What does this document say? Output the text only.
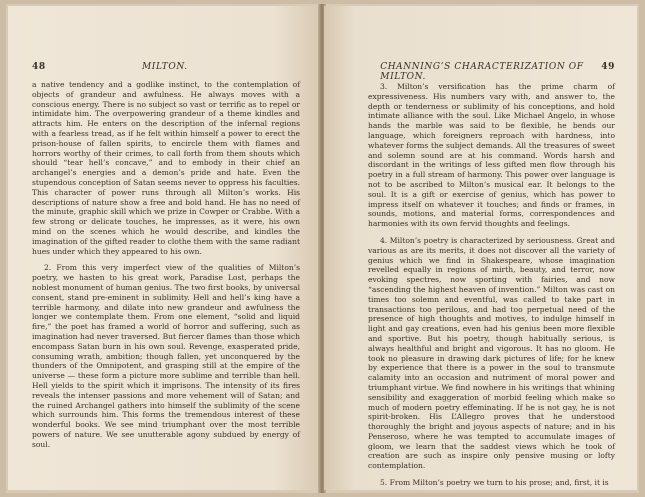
48	MILTON.

a native tendency and a godlike instinct, to the contemplation of objects of grandeur and awfulness. He always moves with a conscious energy. There is no subject so vast or terrific as to repel or intimidate him. The overpowering grandeur of a theme kindles and attracts him. He enters on the description of the infernal regions with a fearless tread, as if he felt within himself a power to erect the prison-house of fallen spirits, to encircle them with flames and horrors worthy of their crimes, to call forth from them shouts which should “tear hell’s concave,” and to embody in their chief an archangel’s energies and a demon’s pride and hate. Even the stupendous conception of Satan seems never to oppress his faculties. This character of power runs through all Milton’s works. His descriptions of nature show a free and bold hand. He has no need of the minute, graphic skill which we prize in Cowper or Crabbe. With a few strong or delicate touches, he impresses, as it were, his own mind on the scenes which he would describe, and kindles the imagination of the gifted reader to clothe them with the same radiant hues under which they appeared to his own.

2. From this very imperfect view of the qualities of Milton’s poetry, we hasten to his great work, Paradise Lost, perhaps the noblest monument of human genius. The two first books, by universal consent, stand pre-eminent in sublimity. Hell and hell’s king have a terrible harmony, and dilate into new grandeur and awfulness the longer we contemplate them. From one element, “solid and liquid fire,” the poet has framed a world of horror and suffering, such as imagination had never traversed. But fiercer flames than those which encompass Satan burn in his own soul. Revenge, exasperated pride, consuming wrath, ambition; though fallen, yet unconquered by the thunders of the Omnipotent, and grasping still at the empire of the universe — these form a picture more sublime and terrible than hell. Hell yields to the spirit which it imprisons. The intensity of its fires reveals the intenser passions and more vehement will of Satan; and the ruined Archangel gathers into himself the sublimity of the scene which surrounds him. This forms the tremendous interest of these wonderful books. We see mind triumphant over the most terrible powers of nature. We see unutterable agony subdued by energy of soul.

CHANNING’S CHARACTERIZATION OF MILTON.
49

3. Milton’s versification has the prime charm of expressiveness. His numbers vary with, and answer to, the depth or tenderness or sublimity of his conceptions, and hold intimate alliance with the soul. Like Michael Angelo, in whose hands the marble was said to be flexible, he bends our language, which foreigners reproach with hardness, into whatever forms the subject demands. All the treasures of sweet and solemn sound are at his command. Words harsh and discordant in the writings of less gifted men flow through his poetry in a full stream of harmony. This power over language is not to be ascribed to Milton’s musical ear. It belongs to the soul. It is a gift or exercise of genius, which has power to impress itself on whatever it touches; and finds or frames, in sounds, motions, and material forms, correspondences and harmonies with its own fervid thoughts and feelings.

4. Milton’s poetry is characterized by seriousness. Great and various as are its merits, it does not discover all the variety of genius which we find in Shakespeare, whose imagination revelled equally in regions of mirth, beauty, and terror, now evoking spectres, now sporting with fairies, and now “ascending the highest heaven of invention.” Milton was cast on times too solemn and eventful, was called to take part in transactions too perilous, and had too perpetual need of the presence of high thoughts and motives, to indulge himself in light and gay creations, even had his genius been more flexible and sportive. But his poetry, though habitually serious, is always healthful and bright and vigorous. It has no gloom. He took no pleasure in drawing dark pictures of life; for he knew by experience that there is a power in the soul to transmute calamity into an occasion and nutriment of moral power and triumphant virtue. We find nowhere in his writings that whining sensibility and exaggeration of morbid feeling which make so much of modern poetry effeminating. If he is not gay, he is not spirit-broken. His L’Allegro proves that he understood thoroughly the bright and joyous aspects of nature; and in his Penseroso, where he was tempted to accumulate images of gloom, we learn that the saddest views which he took of creation are such as inspire only pensive musing or lofty contemplation.

5. From Milton’s poetry we turn to his prose; and, first, it is
